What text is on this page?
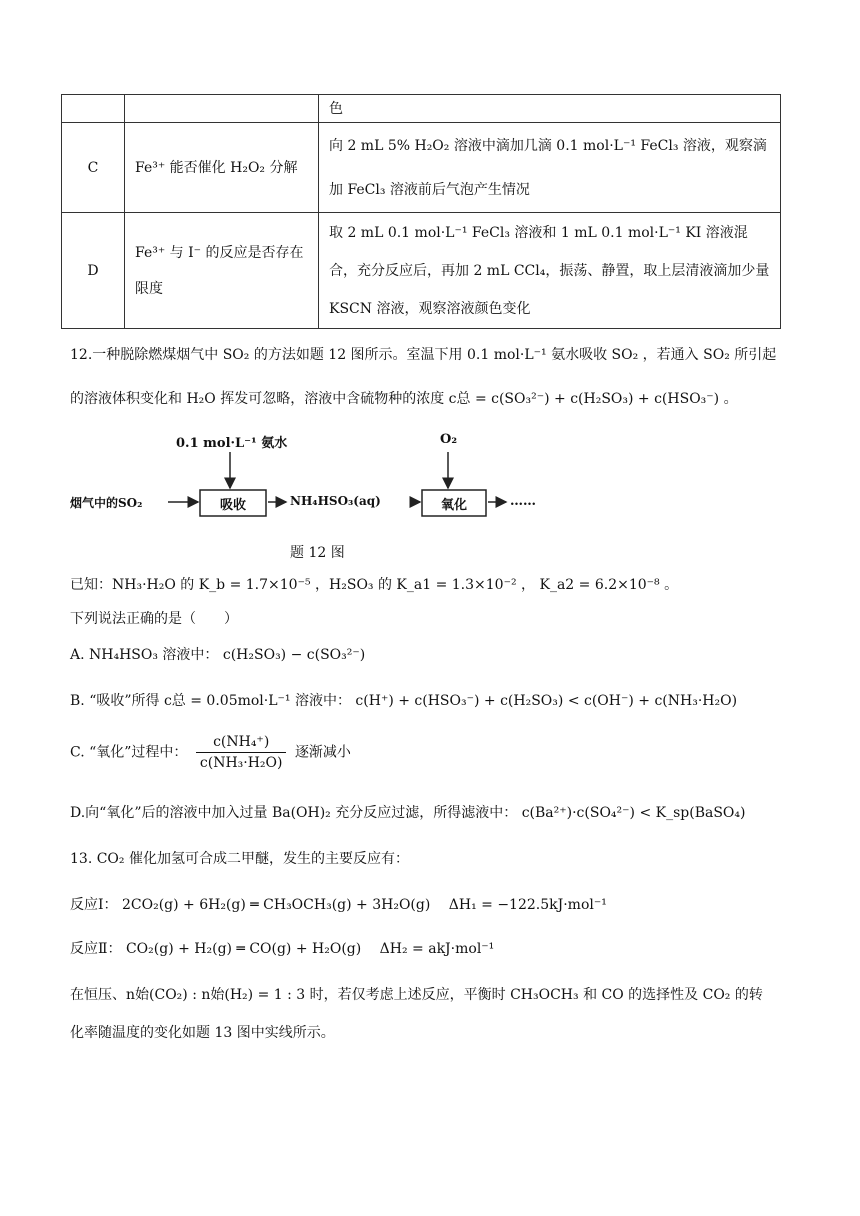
		色
C	Fe³⁺ 能否催化 H₂O₂ 分解	向 2 mL 5% H₂O₂ 溶液中滴加几滴 0.1 mol·L⁻¹ FeCl₃ 溶液，观察滴加 FeCl₃ 溶液前后气泡产生情况
D	Fe³⁺ 与 I⁻ 的反应是否存在限度	取 2 mL 0.1 mol·L⁻¹ FeCl₃ 溶液和 1 mL 0.1 mol·L⁻¹ KI 溶液混合，充分反应后，再加 2 mL CCl₄，振荡、静置，取上层清液滴加少量 KSCN 溶液，观察溶液颜色变化
12.一种脱除燃煤烟气中 SO₂ 的方法如题 12 图所示。室温下用 0.1 mol·L⁻¹ 氨水吸收 SO₂ ，若通入 SO₂ 所引起
的溶液体积变化和 H₂O 挥发可忽略，溶液中含硫物种的浓度 c总 = c(SO₃²⁻) + c(H₂SO₃) + c(HSO₃⁻) 。
0.1 mol·L⁻¹ 氨水	O₂
烟气中的SO₂	吸收	NH₄HSO₃(aq)	氧化	……
题 12 图
已知：NH₃·H₂O 的 K_b = 1.7×10⁻⁵ ，H₂SO₃ 的 K_a1 = 1.3×10⁻² ， K_a2 = 6.2×10⁻⁸ 。
下列说法正确的是（　　）
A. NH₄HSO₃ 溶液中： c(H₂SO₃) − c(SO₃²⁻)
B. “吸收”所得 c总 = 0.05mol·L⁻¹ 溶液中： c(H⁺) + c(HSO₃⁻) + c(H₂SO₃) < c(OH⁻) + c(NH₃·H₂O)
C. “氧化”过程中： $\frac{\text{c(NH₄⁺)}}{\text{c(NH₃·H₂O)}}$ 逐渐减小
D.向“氧化”后的溶液中加入过量 Ba(OH)₂ 充分反应过滤，所得滤液中： c(Ba²⁺)·c(SO₄²⁻) < K_sp(BaSO₄)
13. CO₂ 催化加氢可合成二甲醚，发生的主要反应有：
反应Ⅰ： 2CO₂(g) + 6H₂(g) ═ CH₃OCH₃(g) + 3H₂O(g)　 ΔH₁ = −122.5kJ·mol⁻¹
反应Ⅱ： CO₂(g) + H₂(g) ═ CO(g) + H₂O(g)　 ΔH₂ = akJ·mol⁻¹
在恒压、n始(CO₂) : n始(H₂) = 1 : 3 时，若仅考虑上述反应，平衡时 CH₃OCH₃ 和 CO 的选择性及 CO₂ 的转
化率随温度的变化如题 13 图中实线所示。
